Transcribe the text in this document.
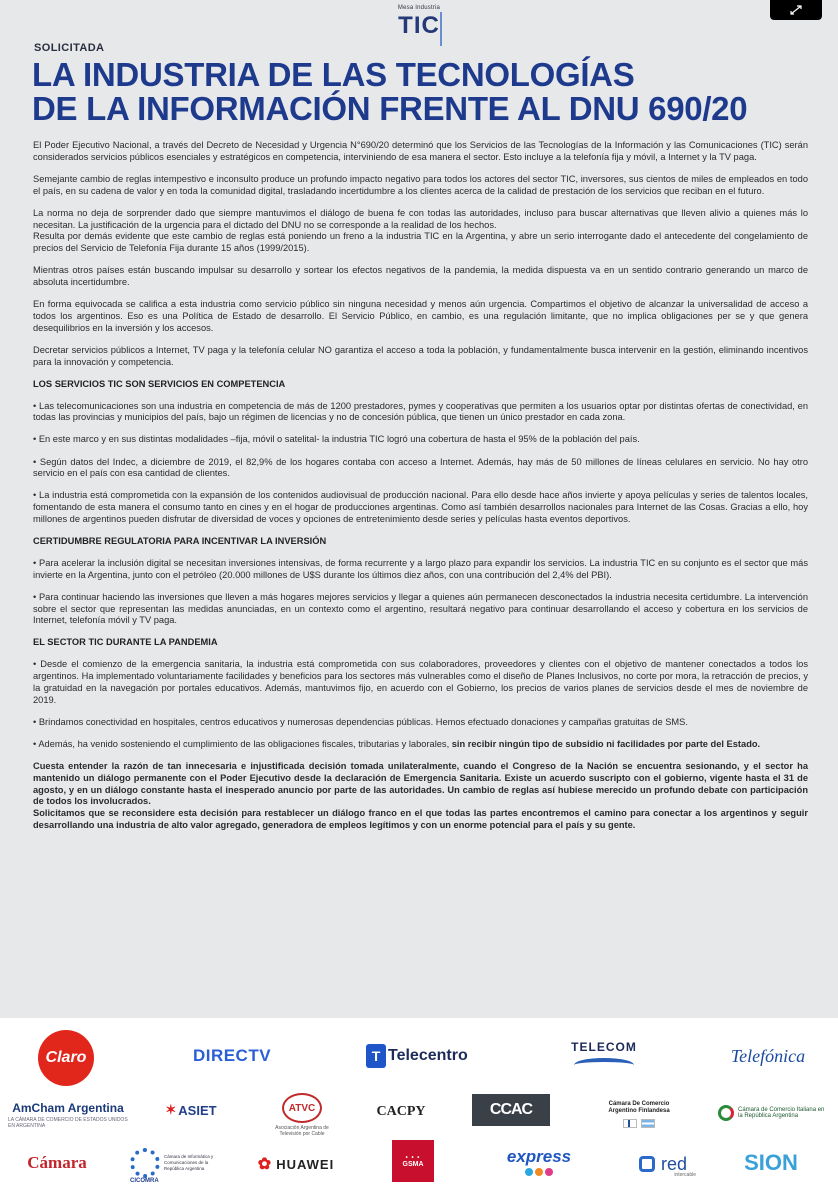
Mesa Industria
TIC
SOLICITADA
LA INDUSTRIA DE LAS TECNOLOGÍAS
DE LA INFORMACIÓN FRENTE AL DNU 690/20

El Poder Ejecutivo Nacional, a través del Decreto de Necesidad y Urgencia N°690/20 determinó que los Servicios de las Tecnologías de la Información y las Comunicaciones (TIC) serán considerados servicios públicos esenciales y estratégicos en competencia, interviniendo de esa manera el sector. Esto incluye a la telefonía fija y móvil, a Internet y la TV paga.

Semejante cambio de reglas intempestivo e inconsulto produce un profundo impacto negativo para todos los actores del sector TIC, inversores, sus cientos de miles de empleados en todo el país, en su cadena de valor y en toda la comunidad digital, trasladando incertidumbre a los clientes acerca de la calidad de prestación de los servicios que reciban en el futuro.

La norma no deja de sorprender dado que siempre mantuvimos el diálogo de buena fe con todas las autoridades, incluso para buscar alternativas que lleven alivio a quienes más lo necesitan. La justificación de la urgencia para el dictado del DNU no se corresponde a la realidad de los hechos.

Resulta por demás evidente que este cambio de reglas está poniendo un freno a la industria TIC en la Argentina, y abre un serio interrogante dado el antecedente del congelamiento de precios del Servicio de Telefonía Fija durante 15 años (1999/2015).

Mientras otros países están buscando impulsar su desarrollo y sortear los efectos negativos de la pandemia, la medida dispuesta va en un sentido contrario generando un marco de absoluta incertidumbre.

En forma equivocada se califica a esta industria como servicio público sin ninguna necesidad y menos aún urgencia. Compartimos el objetivo de alcanzar la universalidad de acceso a todos los argentinos. Eso es una Política de Estado de desarrollo. El Servicio Público, en cambio, es una regulación limitante, que no implica obligaciones per se y que genera desequilibrios en la inversión y los accesos.

Decretar servicios públicos a Internet, TV paga y la telefonía celular NO garantiza el acceso a toda la población, y fundamentalmente busca intervenir en la gestión, eliminando incentivos para la innovación y competencia.

LOS SERVICIOS TIC SON SERVICIOS EN COMPETENCIA

• Las telecomunicaciones son una industria en competencia de más de 1200 prestadores, pymes y cooperativas que permiten a los usuarios optar por distintas ofertas de conectividad, en todas las provincias y municipios del país, bajo un régimen de licencias y no de concesión pública, que tienen un único prestador en cada zona.

• En este marco y en sus distintas modalidades –fija, móvil o satelital- la industria TIC logró una cobertura de hasta el 95% de la población del país.

• Según datos del Indec, a diciembre de 2019, el 82,9% de los hogares contaba con acceso a Internet. Además, hay más de 50 millones de líneas celulares en servicio. No hay otro servicio en el país con esa cantidad de clientes.

• La industria está comprometida con la expansión de los contenidos audiovisual de producción nacional. Para ello desde hace años invierte y apoya películas y series de talentos locales, fomentando de esta manera el consumo tanto en cines y en el hogar de producciones argentinas. Como así también desarrollos nacionales para Internet de las Cosas. Gracias a ello, hoy millones de argentinos pueden disfrutar de diversidad de voces y opciones de entretenimiento desde series y películas hasta eventos deportivos.

CERTIDUMBRE REGULATORIA PARA INCENTIVAR LA INVERSIÓN

• Para acelerar la inclusión digital se necesitan inversiones intensivas, de forma recurrente y a largo plazo para expandir los servicios. La industria TIC en su conjunto es el sector que más invierte en la Argentina, junto con el petróleo (20.000 millones de U$S durante los últimos diez años, con una contribución del 2,4% del PBI).

• Para continuar haciendo las inversiones que lleven a más hogares mejores servicios y llegar a quienes aún permanecen desconectados la industria necesita certidumbre. La intervención sobre el sector que representan las medidas anunciadas, en un contexto como el argentino, resultará negativo para continuar desarrollando el acceso y cobertura en los servicios de Internet, telefonía móvil y TV paga.

EL SECTOR TIC DURANTE LA PANDEMIA

• Desde el comienzo de la emergencia sanitaria, la industria está comprometida con sus colaboradores, proveedores y clientes con el objetivo de mantener conectados a todos los argentinos. Ha implementado voluntariamente facilidades y beneficios para los sectores más vulnerables como el diseño de Planes Inclusivos, no corte por mora, la retracción de precios, y la gratuidad en la navegación por portales educativos. Además, mantuvimos fijo, en acuerdo con el Gobierno, los precios de varios planes de servicios desde el mes de noviembre de 2019.

• Brindamos conectividad en hospitales, centros educativos y numerosas dependencias públicas. Hemos efectuado donaciones y campañas gratuitas de SMS.

• Además, ha venido sosteniendo el cumplimiento de las obligaciones fiscales, tributarias y laborales, sin recibir ningún tipo de subsidio ni facilidades por parte del Estado.

Cuesta entender la razón de tan innecesaria e injustificada decisión tomada unilateralmente, cuando el Congreso de la Nación se encuentra sesionando, y el sector ha mantenido un diálogo permanente con el Poder Ejecutivo desde la declaración de Emergencia Sanitaria. Existe un acuerdo suscripto con el gobierno, vigente hasta el 31 de agosto, y en un diálogo constante hasta el inesperado anuncio por parte de las autoridades. Un cambio de reglas así hubiese merecido un profundo debate con participación de todos los involucrados.

Solicitamos que se reconsidere esta decisión para restablecer un diálogo franco en el que todas las partes encontremos el camino para conectar a los argentinos y seguir desarrollando una industria de alto valor agregado, generadora de empleos legítimos y con un enorme potencial para el país y su gente.

Claro	DIRECTV	T Telecentro	TELECOM	Telefónica
AmCham Argentina
LA CÁMARA DE COMERCIO DE ESTADOS UNIDOS EN ARGENTINA
✶ ASIET	ATVC
Asociación Argentina de Televisión por Cable
CACPY	CCAC	Cámara De Comercio Argentino Finlandesa	Cámara de Comercio Italiana en la República Argentina
Cámara	Cámara de Informática y Comunicaciones de la República Argentina
CICOMRA
✿ HUAWEI	• • •
GSMA	express	red
intercable	SION
